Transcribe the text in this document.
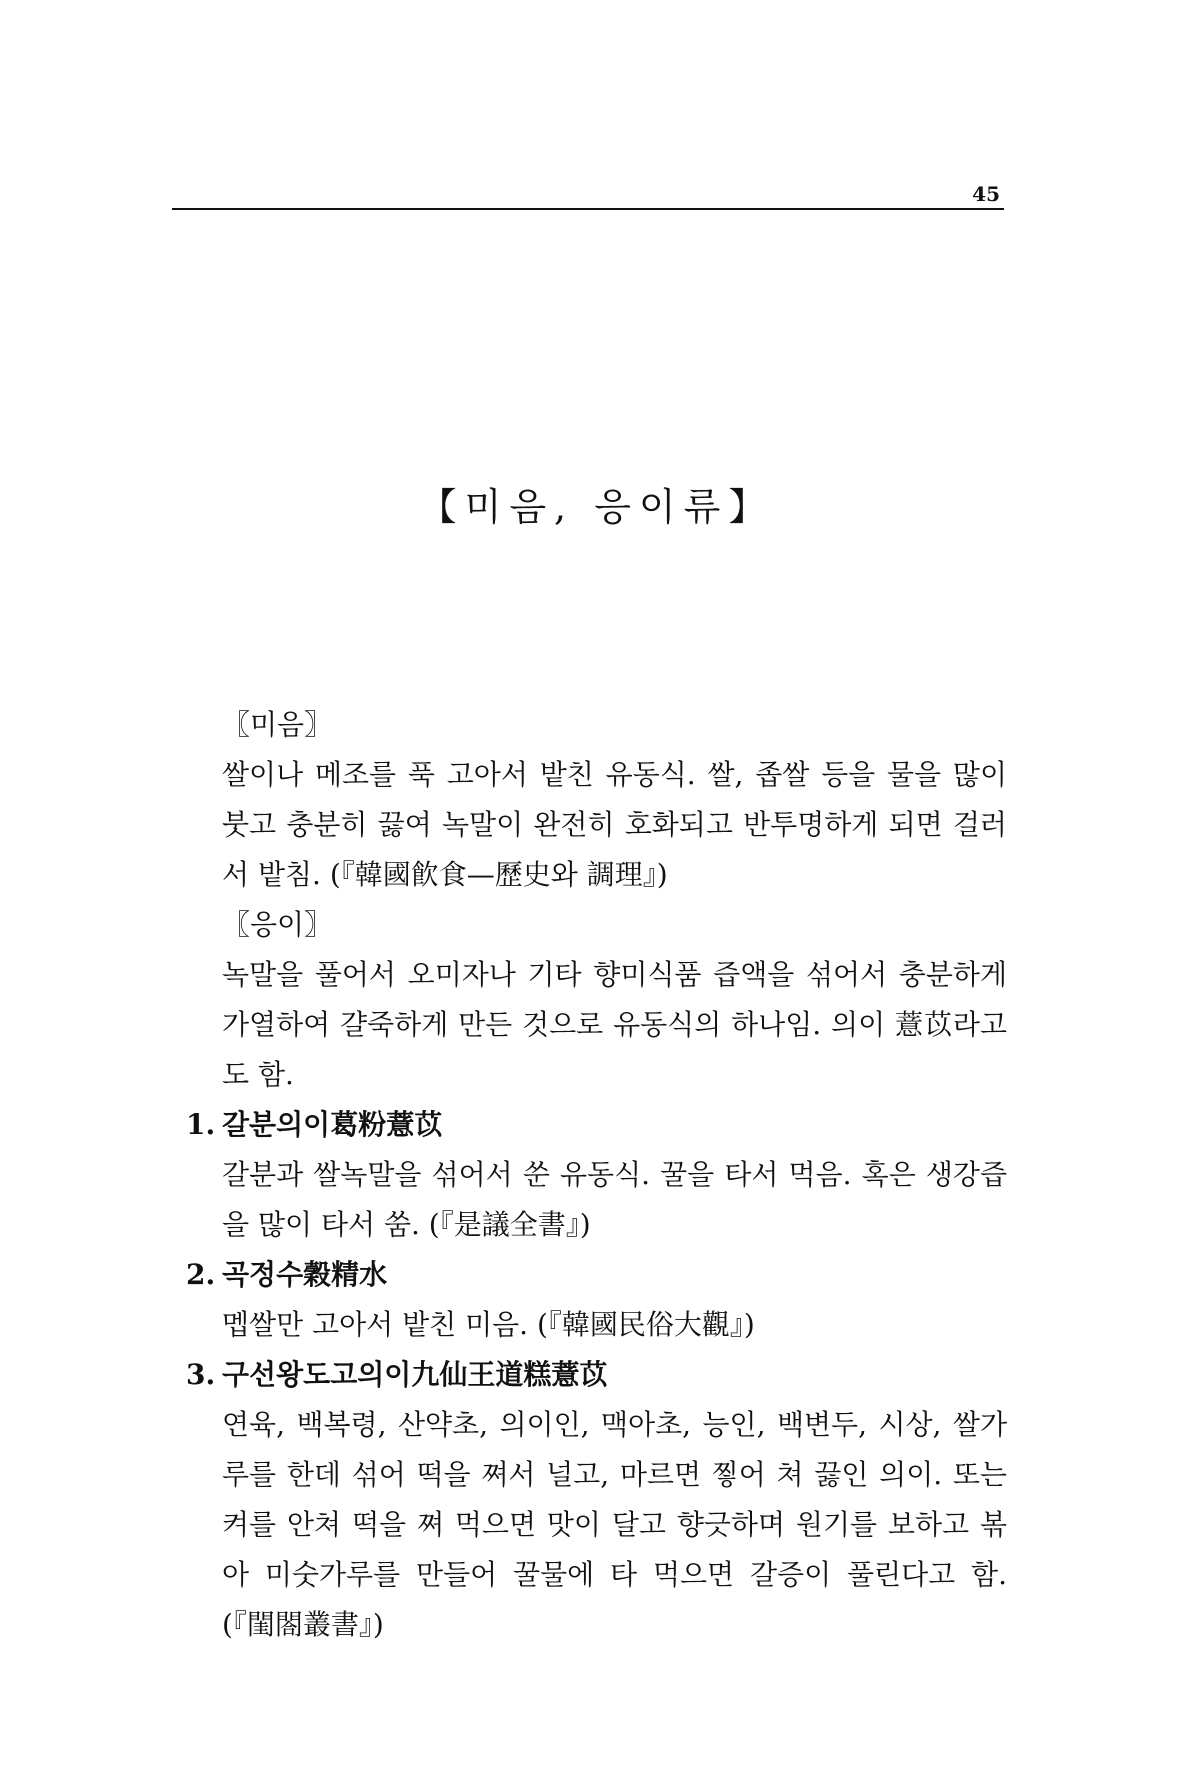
45
【미음, 응이류】
〖미음〗
쌀이나 메조를 푹 고아서 밭친 유동식. 쌀, 좁쌀 등을 물을 많이 붓고 충분히 끓여 녹말이 완전히 호화되고 반투명하게 되면 걸러서 밭침. (『韓國飮食—歷史와 調理』)
〖응이〗
녹말을 풀어서 오미자나 기타 향미식품 즙액을 섞어서 충분하게 가열하여 걀죽하게 만든 것으로 유동식의 하나임. 의이 薏苡라고도 함.
1. 갈분의이葛粉薏苡
갈분과 쌀녹말을 섞어서 쑨 유동식. 꿀을 타서 먹음. 혹은 생강즙을 많이 타서 쑴. (『是議全書』)
2. 곡정수穀精水
멥쌀만 고아서 밭친 미음. (『韓國民俗大觀』)
3. 구선왕도고의이九仙王道糕薏苡
연육, 백복령, 산약초, 의이인, 맥아초, 능인, 백변두, 시상, 쌀가루를 한데 섞어 떡을 쪄서 널고, 마르면 찧어 쳐 끓인 의이. 또는 켜를 안쳐 떡을 쪄 먹으면 맛이 달고 향긋하며 원기를 보하고 볶아 미숫가루를 만들어 꿀물에 타 먹으면 갈증이 풀린다고 함. (『閨閤叢書』)
